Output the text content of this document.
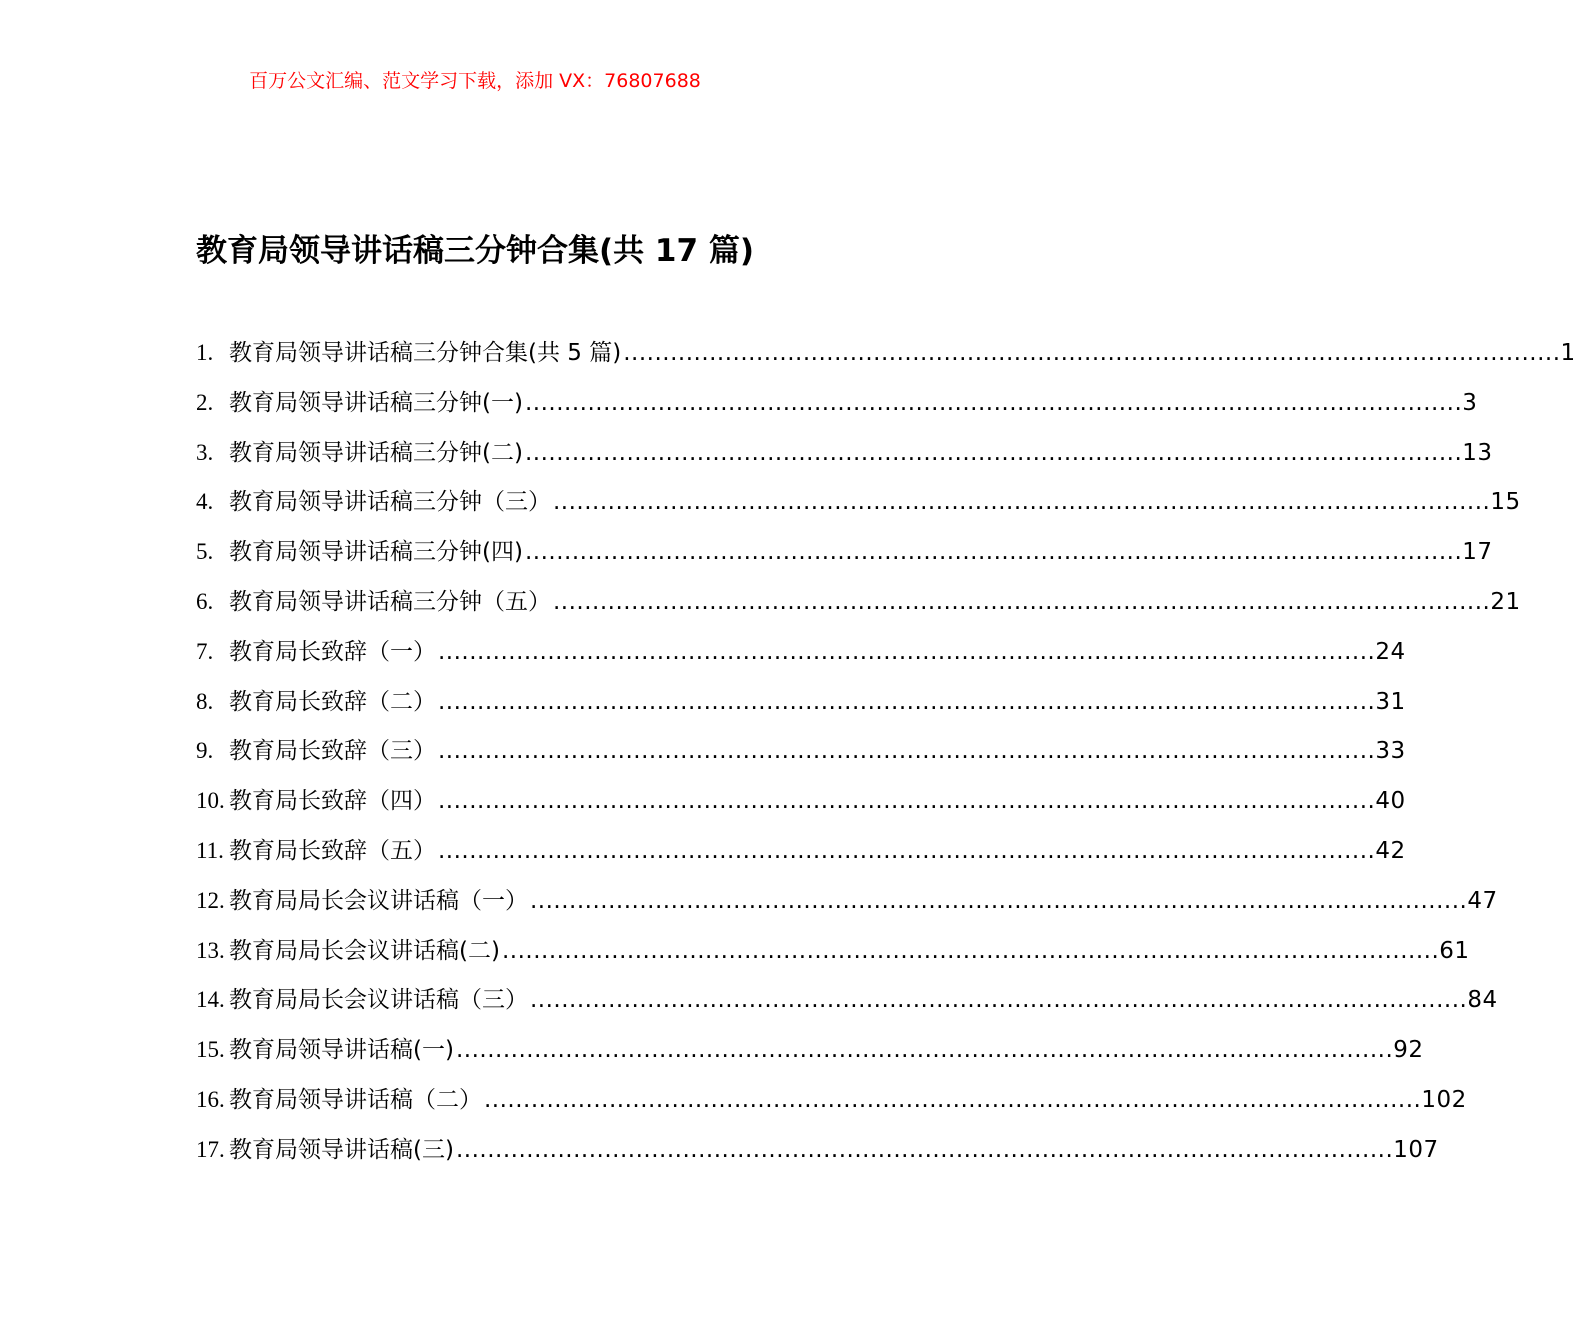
百万公文汇编、范文学习下载，添加 VX：76807688
教育局领导讲话稿三分钟合集(共 17 篇)
1. 教育局领导讲话稿三分钟合集(共 5 篇) ........................................................................................................................ 1
2. 教育局领导讲话稿三分钟(一) ........................................................................................................................ 3
3. 教育局领导讲话稿三分钟(二) ........................................................................................................................ 13
4. 教育局领导讲话稿三分钟（三） ........................................................................................................................ 15
5. 教育局领导讲话稿三分钟(四) ........................................................................................................................ 17
6. 教育局领导讲话稿三分钟（五） ........................................................................................................................ 21
7. 教育局长致辞（一） ........................................................................................................................ 24
8. 教育局长致辞（二） ........................................................................................................................ 31
9. 教育局长致辞（三） ........................................................................................................................ 33
10. 教育局长致辞（四） ........................................................................................................................ 40
11. 教育局长致辞（五） ........................................................................................................................ 42
12. 教育局局长会议讲话稿（一） ........................................................................................................................ 47
13. 教育局局长会议讲话稿(二) ........................................................................................................................ 61
14. 教育局局长会议讲话稿（三） ........................................................................................................................ 84
15. 教育局领导讲话稿(一) ........................................................................................................................ 92
16. 教育局领导讲话稿（二） ........................................................................................................................ 102
17. 教育局领导讲话稿(三) ........................................................................................................................ 107
